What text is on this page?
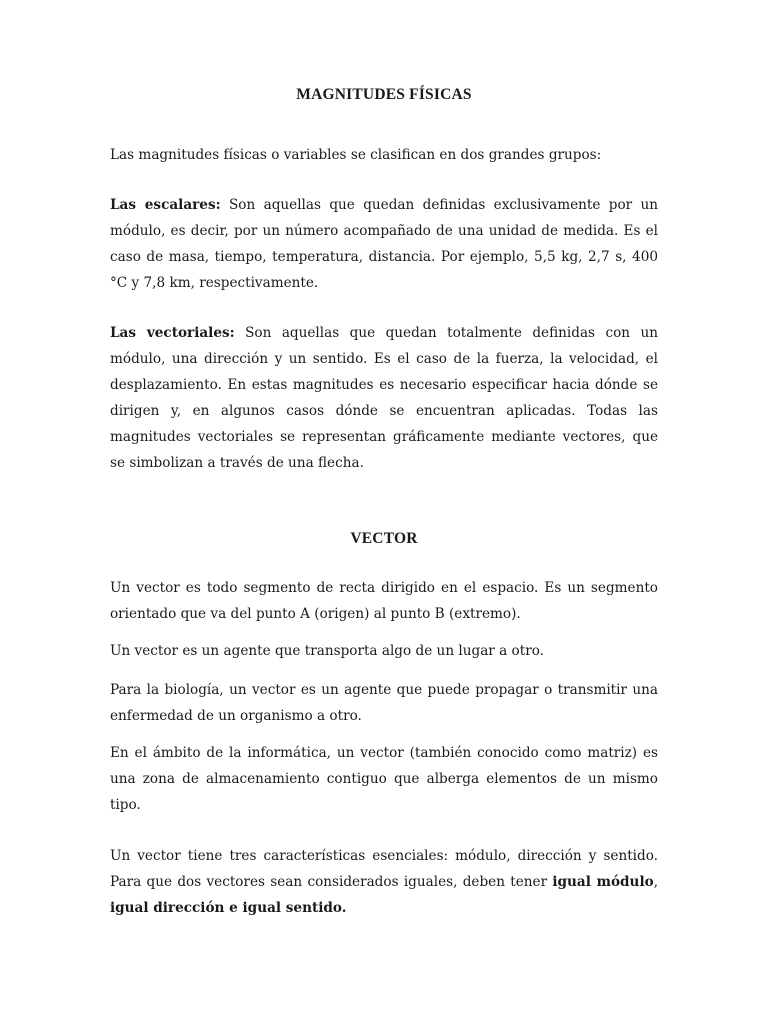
MAGNITUDES FÍSICAS

Las magnitudes físicas o variables se clasifican en dos grandes grupos:

Las escalares: Son aquellas que quedan definidas exclusivamente por un módulo, es decir, por un número acompañado de una unidad de medida. Es el caso de masa, tiempo, temperatura, distancia. Por ejemplo, 5,5 kg, 2,7 s, 400 °C y 7,8 km, respectivamente.

Las vectoriales: Son aquellas que quedan totalmente definidas con un módulo, una dirección y un sentido. Es el caso de la fuerza, la velocidad, el desplazamiento. En estas magnitudes es necesario especificar hacia dónde se dirigen y, en algunos casos dónde se encuentran aplicadas. Todas las magnitudes vectoriales se representan gráficamente mediante vectores, que se simbolizan a través de una flecha.

VECTOR

Un vector es todo segmento de recta dirigido en el espacio. Es un segmento orientado que va del punto A (origen) al punto B (extremo).

Un vector es un agente que transporta algo de un lugar a otro.

Para la biología, un vector es un agente que puede propagar o transmitir una enfermedad de un organismo a otro.

En el ámbito de la informática, un vector (también conocido como matriz) es una zona de almacenamiento contiguo que alberga elementos de un mismo tipo.

Un vector tiene tres características esenciales: módulo, dirección y sentido. Para que dos vectores sean considerados iguales, deben tener igual módulo, igual dirección e igual sentido.
